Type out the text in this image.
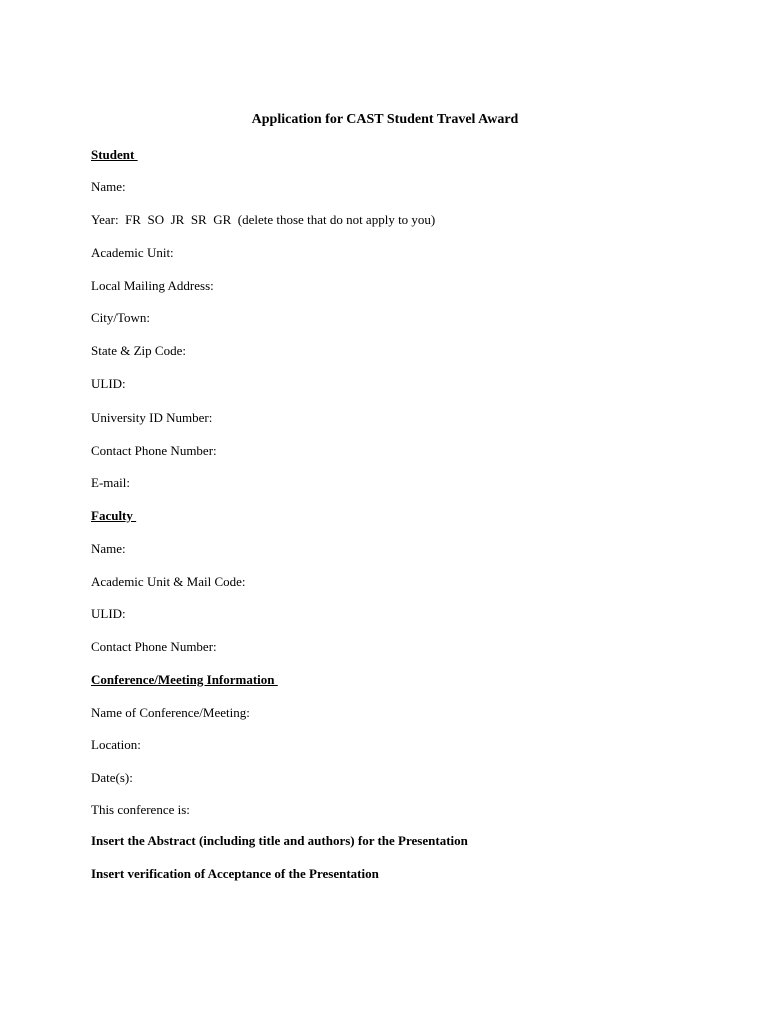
Application for CAST Student Travel Award
Student
Name:
Year:  FR  SO  JR  SR  GR  (delete those that do not apply to you)
Academic Unit:
Local Mailing Address:
City/Town:
State & Zip Code:
ULID:
University ID Number:
Contact Phone Number:
E-mail:
Faculty
Name:
Academic Unit & Mail Code:
ULID:
Contact Phone Number:
Conference/Meeting Information
Name of Conference/Meeting:
Location:
Date(s):
This conference is:
Insert the Abstract (including title and authors) for the Presentation
Insert verification of Acceptance of the Presentation
